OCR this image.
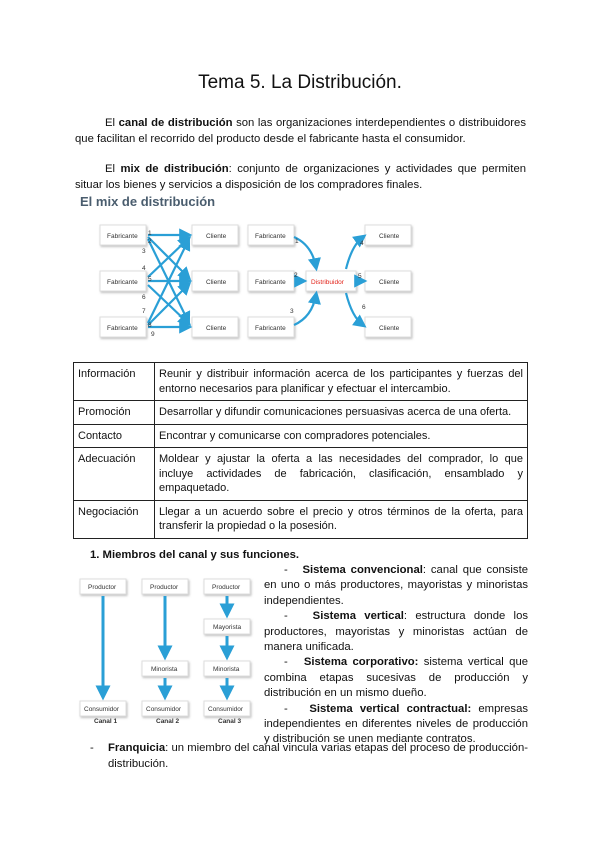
Tema 5. La Distribución.

El canal de distribución son las organizaciones interdependientes o distribuidores que facilitan el recorrido del producto desde el fabricante hasta el consumidor.

El mix de distribución: conjunto de organizaciones y actividades que permiten situar los bienes y servicios a disposición de los compradores finales.

El mix de distribución
Fabricante
Fabricante
Fabricante
Cliente
Cliente
Cliente
1
2
3
4
5
6
7
8
9
Fabricante
Fabricante
Fabricante
Distribuidor
Cliente
Cliente
Cliente
1
2
3
4
5
6
Información	Reunir y distribuir información acerca de los participantes y fuerzas del entorno necesarios para planificar y efectuar el intercambio.
Promoción	Desarrollar y difundir comunicaciones persuasivas acerca de una oferta.
Contacto	Encontrar y comunicarse con compradores potenciales.
Adecuación	Moldear y ajustar la oferta a las necesidades del comprador, lo que incluye actividades de fabricación, clasificación, ensamblado y empaquetado.
Negociación	Llegar a un acuerdo sobre el precio y otros términos de la oferta, para transferir la propiedad o la posesión.
1. Miembros del canal y sus funciones.
Productor
Consumidor
Canal 1
Productor
Minorista
Consumidor
Canal 2
Productor
Mayorista
Minorista
Consumidor
Canal 3
- Sistema convencional: canal que consiste en uno o más productores, mayoristas y minoristas independientes.
- Sistema vertical: estructura donde los productores, mayoristas y minoristas actúan de manera unificada.
- Sistema corporativo: sistema vertical que combina etapas sucesivas de producción y distribución en un mismo dueño.
- Sistema vertical contractual: empresas independientes en diferentes niveles de producción y distribución se unen mediante contratos.
-	Franquicia: un miembro del canal vincula varias etapas del proceso de producción-distribución.
